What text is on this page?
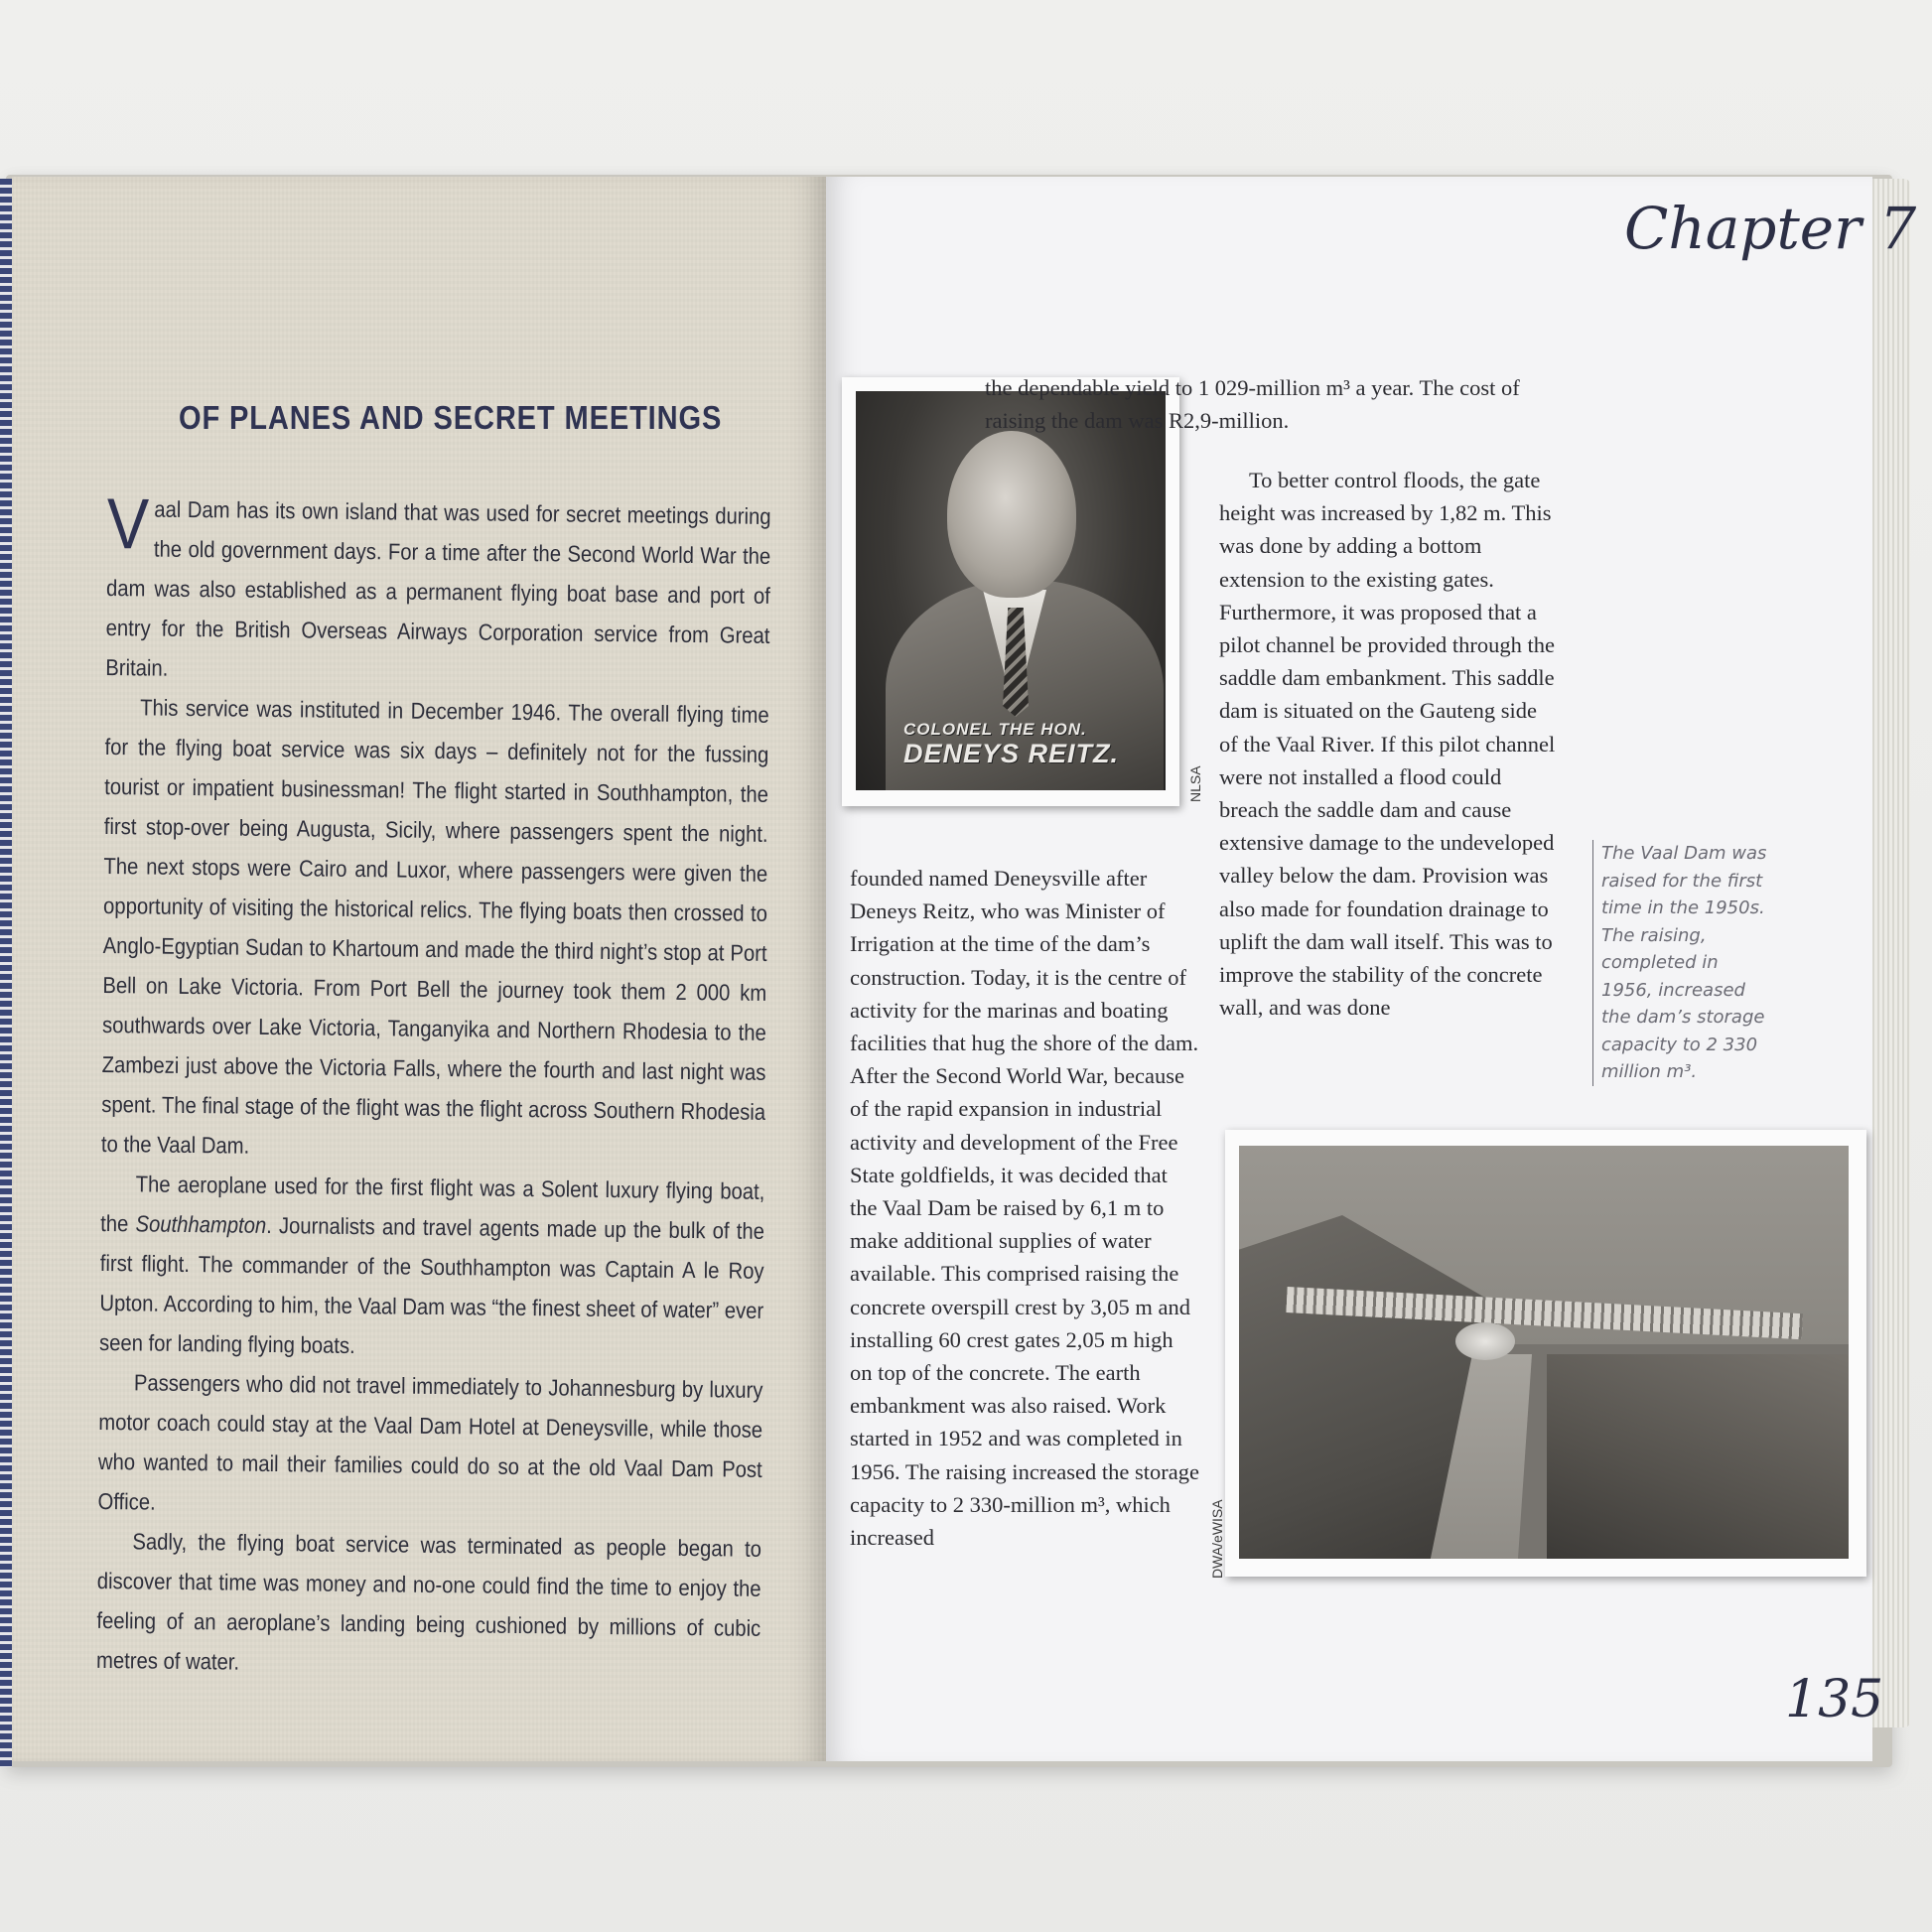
OF PLANES AND SECRET MEETINGS

Vaal Dam has its own island that was used for secret meetings during the old government days. For a time after the Second World War the dam was also established as a permanent flying boat base and port of entry for the British Overseas Airways Corporation service from Great Britain.

This service was instituted in December 1946. The overall flying time for the flying boat service was six days – definitely not for the fussing tourist or impatient businessman! The flight started in Southhampton, the first stop-over being Augusta, Sicily, where passengers spent the night. The next stops were Cairo and Luxor, where passengers were given the opportunity of visiting the historical relics. The flying boats then crossed to Anglo-Egyptian Sudan to Khartoum and made the third night’s stop at Port Bell on Lake Victoria. From Port Bell the journey took them 2 000 km southwards over Lake Victoria, Tanganyika and Northern Rhodesia to the Zambezi just above the Victoria Falls, where the fourth and last night was spent. The final stage of the flight was the flight across Southern Rhodesia to the Vaal Dam.

The aeroplane used for the first flight was a Solent luxury flying boat, the Southhampton. Journalists and travel agents made up the bulk of the first flight. The commander of the Southhampton was Captain A le Roy Upton. According to him, the Vaal Dam was “the finest sheet of water” ever seen for landing flying boats.

Passengers who did not travel immediately to Johannesburg by luxury motor coach could stay at the Vaal Dam Hotel at Deneysville, while those who wanted to mail their families could do so at the old Vaal Dam Post Office.

Sadly, the flying boat service was terminated as people began to discover that time was money and no-one could find the time to enjoy the feeling of an aeroplane’s landing being cushioned by millions of cubic metres of water.

Chapter 7
COLONEL THE HON.
DENEYS REITZ.
NLSA

the dependable yield to 1 029-million m³ a year. The cost of raising the dam was R2,9-million.

To better control floods, the gate height was increased by 1,82 m. This was done by adding a bottom extension to the existing gates. Furthermore, it was proposed that a pilot channel be provided through the saddle dam embankment. This saddle dam is situated on the Gauteng side of the Vaal River. If this pilot channel were not installed a flood could breach the saddle dam and cause extensive damage to the undeveloped valley below the dam. Provision was also made for foundation drainage to uplift the dam wall itself. This was to improve the stability of the concrete wall, and was done

founded named Deneysville after Deneys Reitz, who was Minister of Irrigation at the time of the dam’s construction. Today, it is the centre of activity for the marinas and boating facilities that hug the shore of the dam. After the Second World War, because of the rapid expansion in industrial activity and development of the Free State goldfields, it was decided that the Vaal Dam be raised by 6,1 m to make additional supplies of water available. This comprised raising the concrete overspill crest by 3,05 m and installing 60 crest gates 2,05 m high on top of the concrete. The earth embankment was also raised. Work started in 1952 and was completed in 1956. The raising increased the storage capacity to 2 330-million m³, which increased

The Vaal Dam was raised for the first time in the 1950s. The raising, completed in 1956, increased the dam’s storage capacity to 2 330 million m³.
DWA/eWISA
135
